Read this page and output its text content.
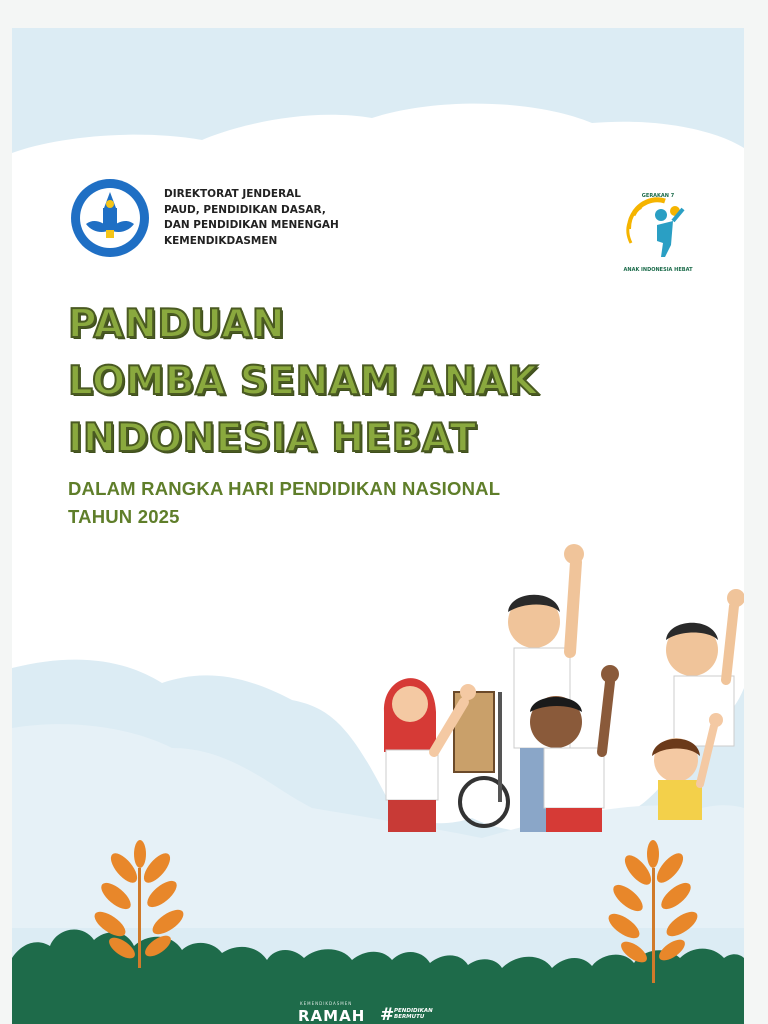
DIREKTORAT JENDERAL
PAUD, PENDIDIKAN DASAR,
DAN PENDIDIKAN MENENGAH
KEMENDIKDASMEN
GERAKAN 7
ANAK INDONESIA HEBAT
PANDUAN
LOMBA SENAM ANAK
INDONESIA HEBAT
DALAM RANGKA HARI PENDIDIKAN NASIONAL
TAHUN 2025
KEMENDIKDASMEN
RAMAH # PENDIDIKAN
BERMUTU
